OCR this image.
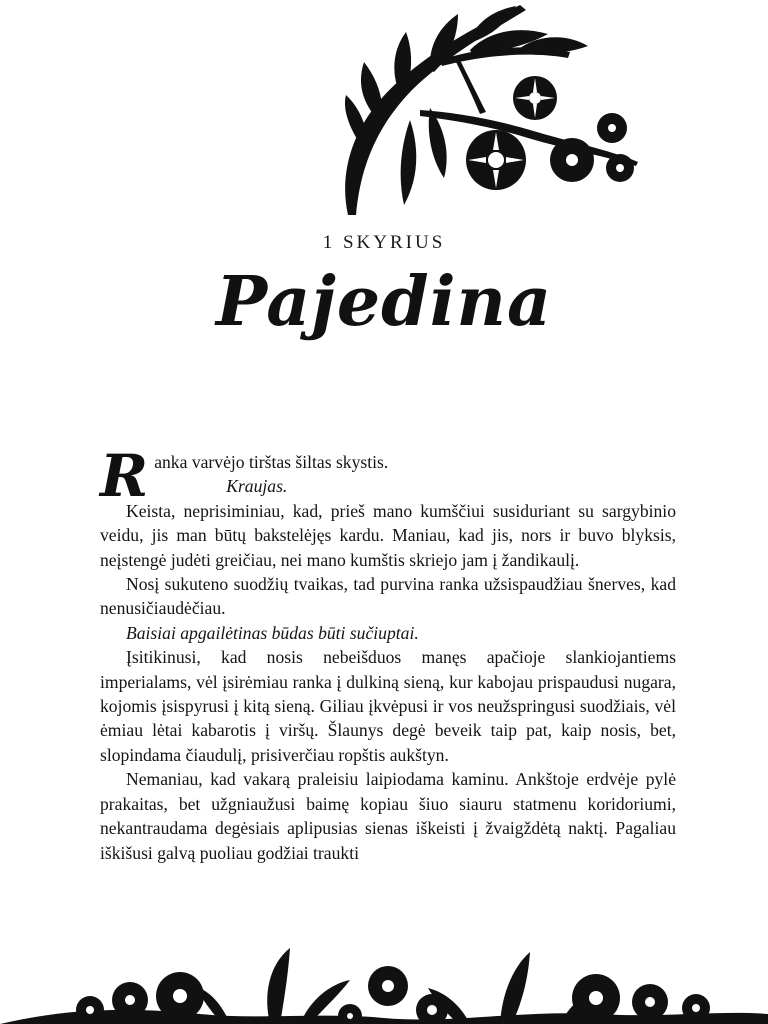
1 SKYRIUS
Pajedina

Ranka varvėjo tirštas šiltas skystis.

Kraujas.

Keista, neprisiminiau, kad, prieš mano kumščiui susiduriant su sargybinio veidu, jis man būtų bakstelėjęs kardu. Maniau, kad jis, nors ir buvo blyksis, neįstengė judėti greičiau, nei mano kumštis skriejo jam į žandikaulį.

Nosį sukuteno suodžių tvaikas, tad purvina ranka užsispaudžiau šnerves, kad nenusičiaudėčiau.

Baisiai apgailėtinas būdas būti sučiuptai.

Įsitikinusi, kad nosis nebeišduos manęs apačioje slankiojantiems imperialams, vėl įsirėmiau ranka į dulkiną sieną, kur kabojau prispaudusi nugara, kojomis įsispyrusi į kitą sieną. Giliau įkvėpusi ir vos neužspringusi suodžiais, vėl ėmiau lėtai kabarotis į viršų. Šlaunys degė beveik taip pat, kaip nosis, bet, slopindama čiaudulį, prisiverčiau ropštis aukštyn.

Nemaniau, kad vakarą praleisiu laipiodama kaminu. Ankštoje erdvėje pylė prakaitas, bet užgniaužusi baimę kopiau šiuo siauru statmenu koridoriumi, nekantraudama degėsiais aplipusias sienas iškeisti į žvaigždėtą naktį. Pagaliau iškišusi galvą puoliau godžiai traukti
